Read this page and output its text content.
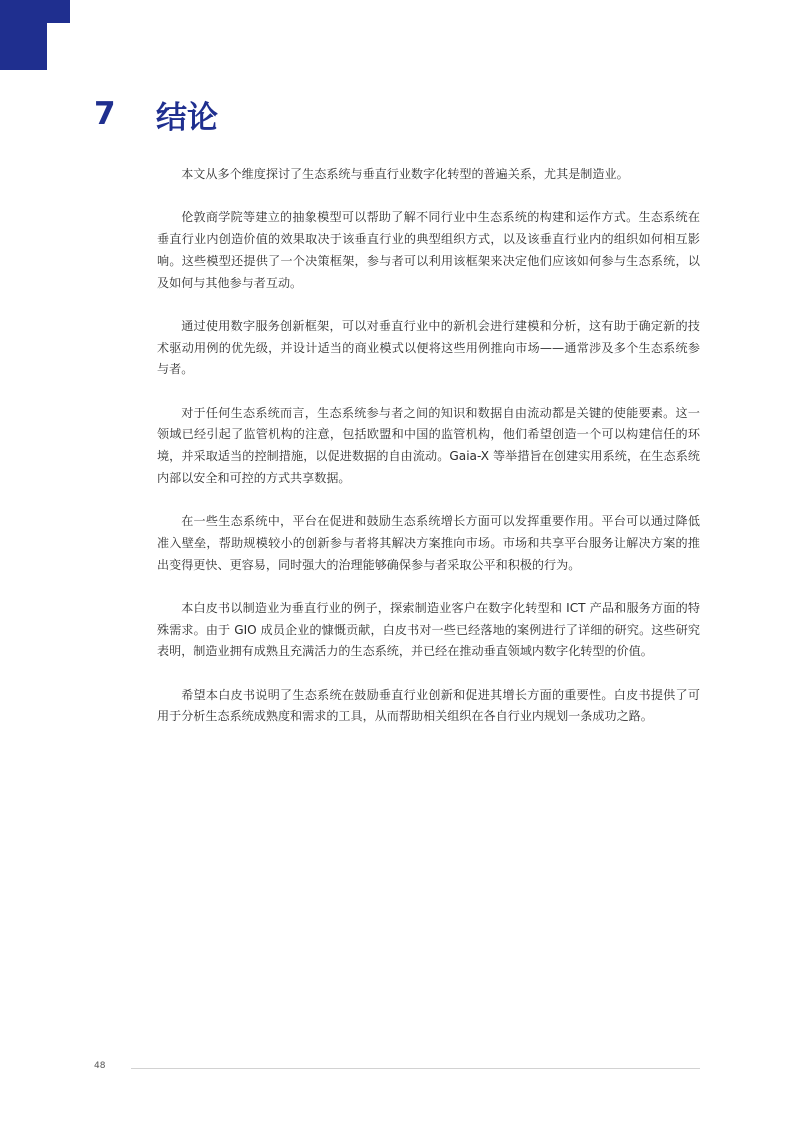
7	结论

本文从多个维度探讨了生态系统与垂直行业数字化转型的普遍关系，尤其是制造业。

伦敦商学院等建立的抽象模型可以帮助了解不同行业中生态系统的构建和运作方式。生态系统在垂直行业内创造价值的效果取决于该垂直行业的典型组织方式，以及该垂直行业内的组织如何相互影响。这些模型还提供了一个决策框架，参与者可以利用该框架来决定他们应该如何参与生态系统，以及如何与其他参与者互动。

通过使用数字服务创新框架，可以对垂直行业中的新机会进行建模和分析，这有助于确定新的技术驱动用例的优先级，并设计适当的商业模式以便将这些用例推向市场——通常涉及多个生态系统参与者。

对于任何生态系统而言，生态系统参与者之间的知识和数据自由流动都是关键的使能要素。这一领域已经引起了监管机构的注意，包括欧盟和中国的监管机构，他们希望创造一个可以构建信任的环境，并采取适当的控制措施，以促进数据的自由流动。Gaia-X 等举措旨在创建实用系统，在生态系统内部以安全和可控的方式共享数据。

在一些生态系统中，平台在促进和鼓励生态系统增长方面可以发挥重要作用。平台可以通过降低准入壁垒，帮助规模较小的创新参与者将其解决方案推向市场。市场和共享平台服务让解决方案的推出变得更快、更容易，同时强大的治理能够确保参与者采取公平和积极的行为。

本白皮书以制造业为垂直行业的例子，探索制造业客户在数字化转型和 ICT 产品和服务方面的特殊需求。由于 GIO 成员企业的慷慨贡献，白皮书对一些已经落地的案例进行了详细的研究。这些研究表明，制造业拥有成熟且充满活力的生态系统，并已经在推动垂直领域内数字化转型的价值。

希望本白皮书说明了生态系统在鼓励垂直行业创新和促进其增长方面的重要性。白皮书提供了可用于分析生态系统成熟度和需求的工具，从而帮助相关组织在各自行业内规划一条成功之路。

48
